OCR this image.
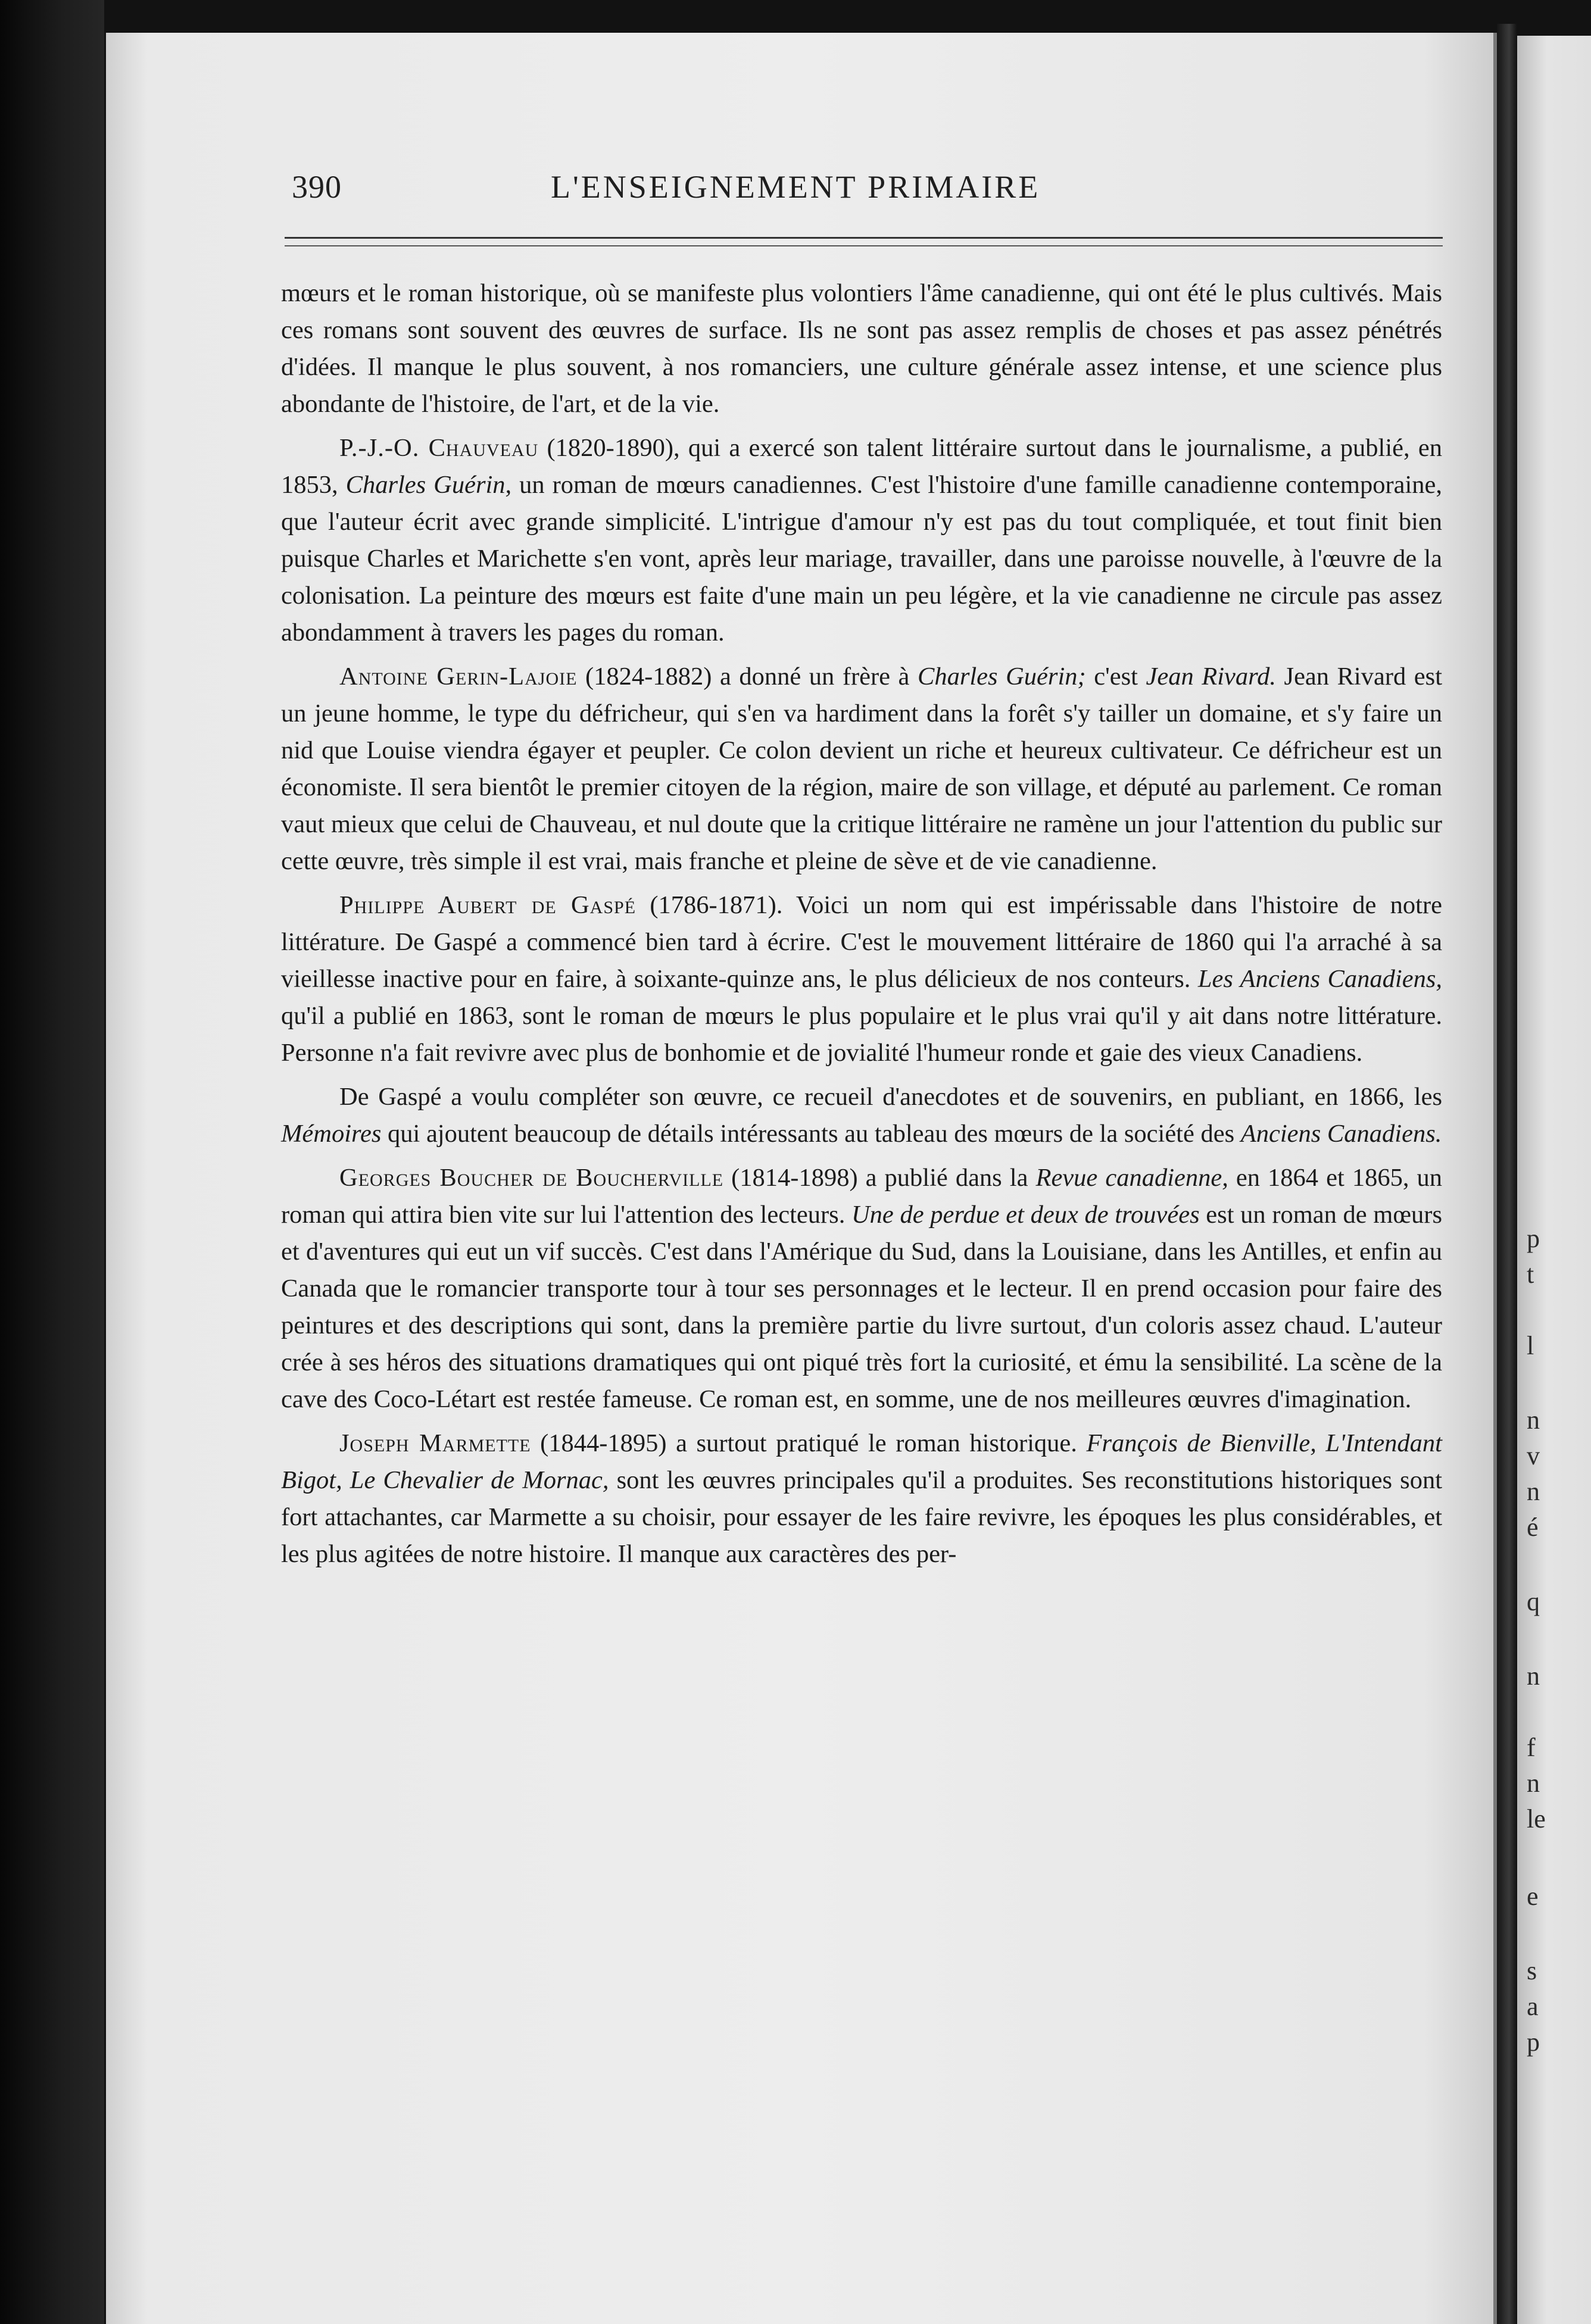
p
t
l
n
v
n
é
q
n
f
n
le
e
s
a
p
390	L'ENSEIGNEMENT PRIMAIRE

mœurs et le roman historique, où se manifeste plus volontiers l'âme canadienne, qui ont été le plus cultivés. Mais ces romans sont souvent des œuvres de surface. Ils ne sont pas assez remplis de choses et pas assez pénétrés d'idées. Il manque le plus souvent, à nos romanciers, une culture générale assez intense, et une science plus abondante de l'histoire, de l'art, et de la vie.

P.-J.-O. Chauveau (1820-1890), qui a exercé son talent littéraire surtout dans le journalisme, a publié, en 1853, Charles Guérin, un roman de mœurs canadiennes. C'est l'histoire d'une famille canadienne contemporaine, que l'auteur écrit avec grande simplicité. L'intrigue d'amour n'y est pas du tout compliquée, et tout finit bien puisque Charles et Marichette s'en vont, après leur mariage, travailler, dans une paroisse nouvelle, à l'œuvre de la colonisation. La peinture des mœurs est faite d'une main un peu légère, et la vie canadienne ne circule pas assez abondamment à travers les pages du roman.

Antoine Gerin-Lajoie (1824-1882) a donné un frère à Charles Guérin; c'est Jean Rivard. Jean Rivard est un jeune homme, le type du défricheur, qui s'en va hardiment dans la forêt s'y tailler un domaine, et s'y faire un nid que Louise viendra égayer et peupler. Ce colon devient un riche et heureux cultivateur. Ce défricheur est un économiste. Il sera bientôt le premier citoyen de la région, maire de son village, et député au parlement. Ce roman vaut mieux que celui de Chauveau, et nul doute que la critique littéraire ne ramène un jour l'attention du public sur cette œuvre, très simple il est vrai, mais franche et pleine de sève et de vie canadienne.

Philippe Aubert de Gaspé (1786-1871). Voici un nom qui est impérissable dans l'histoire de notre littérature. De Gaspé a commencé bien tard à écrire. C'est le mouvement littéraire de 1860 qui l'a arraché à sa vieillesse inactive pour en faire, à soixante-quinze ans, le plus délicieux de nos conteurs. Les Anciens Canadiens, qu'il a publié en 1863, sont le roman de mœurs le plus populaire et le plus vrai qu'il y ait dans notre littérature. Personne n'a fait revivre avec plus de bonhomie et de jovialité l'humeur ronde et gaie des vieux Canadiens.

De Gaspé a voulu compléter son œuvre, ce recueil d'anecdotes et de souvenirs, en publiant, en 1866, les Mémoires qui ajoutent beaucoup de détails intéressants au tableau des mœurs de la société des Anciens Canadiens.

Georges Boucher de Boucherville (1814-1898) a publié dans la Revue canadienne, en 1864 et 1865, un roman qui attira bien vite sur lui l'attention des lecteurs. Une de perdue et deux de trouvées est un roman de mœurs et d'aventures qui eut un vif succès. C'est dans l'Amérique du Sud, dans la Louisiane, dans les Antilles, et enfin au Canada que le romancier transporte tour à tour ses personnages et le lecteur. Il en prend occasion pour faire des peintures et des descriptions qui sont, dans la première partie du livre surtout, d'un coloris assez chaud. L'auteur crée à ses héros des situations dramatiques qui ont piqué très fort la curiosité, et ému la sensibilité. La scène de la cave des Coco-Létart est restée fameuse. Ce roman est, en somme, une de nos meilleures œuvres d'imagination.

Joseph Marmette (1844-1895) a surtout pratiqué le roman historique. François de Bienville, L'Intendant Bigot, Le Chevalier de Mornac, sont les œuvres principales qu'il a produites. Ses reconstitutions historiques sont fort attachantes, car Marmette a su choisir, pour essayer de les faire revivre, les époques les plus considérables, et les plus agitées de notre histoire. Il manque aux caractères des per-
